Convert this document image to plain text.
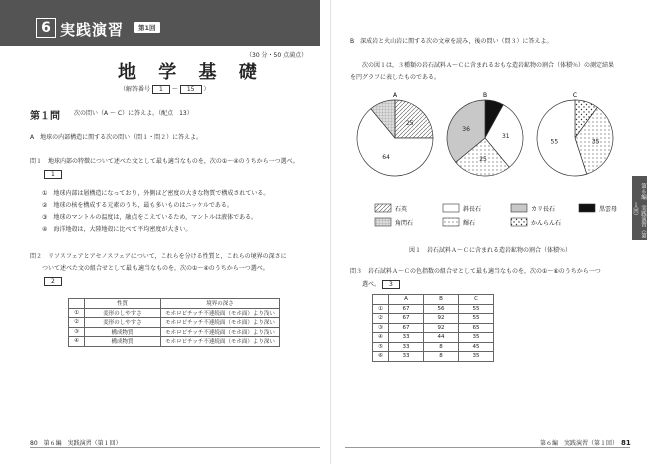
6 実践演習	第1回
（30 分・50 点満点）
地 学 基 礎
（解答番号 1 ～ 15 ）
第１問 次の問い（A ～ C）に答えよ。（配点　13）
A　地球の内部構造に関する次の問い（問１・問２）に答えよ。
問１　地球内部の特徴について述べた文として最も適当なものを，次の①～④のうちから一つ選べ。
1
①　 地球内部は層構造になっており，外側ほど密度の大きな物質で構成されている。
②　 地球の核を構成する元素のうち，最も多いものはニッケルである。
③　 地球のマントルの温度は，融点をこえているため，マントルは液体である。
④　 海洋地殻は，大陸地殻に比べて平均密度が大きい。
問２　リソスフェアとアセノスフェアについて，これらを分ける性質と，これらの境界の深さに
ついて述べた文の組合せとして最も適当なものを，次の①～④のうちから一つ選べ。
2
	性質	境界の深さ
①	変形のしやすさ	モホロビチッチ不連続面（モホ面）より浅い
②	変形のしやすさ	モホロビチッチ不連続面（モホ面）より深い
③	構成物質	モホロビチッチ不連続面（モホ面）より浅い
④	構成物質	モホロビチッチ不連続面（モホ面）より深い
80　第６編　実践演習（第１回）
B　深成岩と火山岩に関する次の文章を読み，後の問い（問３）に答えよ。
次の図１は，３種類の岩石試料Ａ～Ｃに含まれるおもな造岩鉱物の割合（体積％）の測定結果
を円グラフに表したものである。
A
25
64
B
31
25
36
C
35
55
石英	斜長石	カリ長石	黒雲母
角閃石	輝石	かんらん石
図１　岩石試料Ａ～Ｃに含まれる造岩鉱物の割合（体積％）
問３　岩石試料Ａ～Ｃの色指数の組合せとして最も適当なものを，次の①～⑥のうちから一つ
選べ。 3
	A	B	C
①	67	56	55
②	67	92	55
③	67	92	65
④	33	44	35
⑤	33	8	45
⑥	33	8	35
第６編　実践演習（第１回）
第６編　実践演習（第１回）　 81
